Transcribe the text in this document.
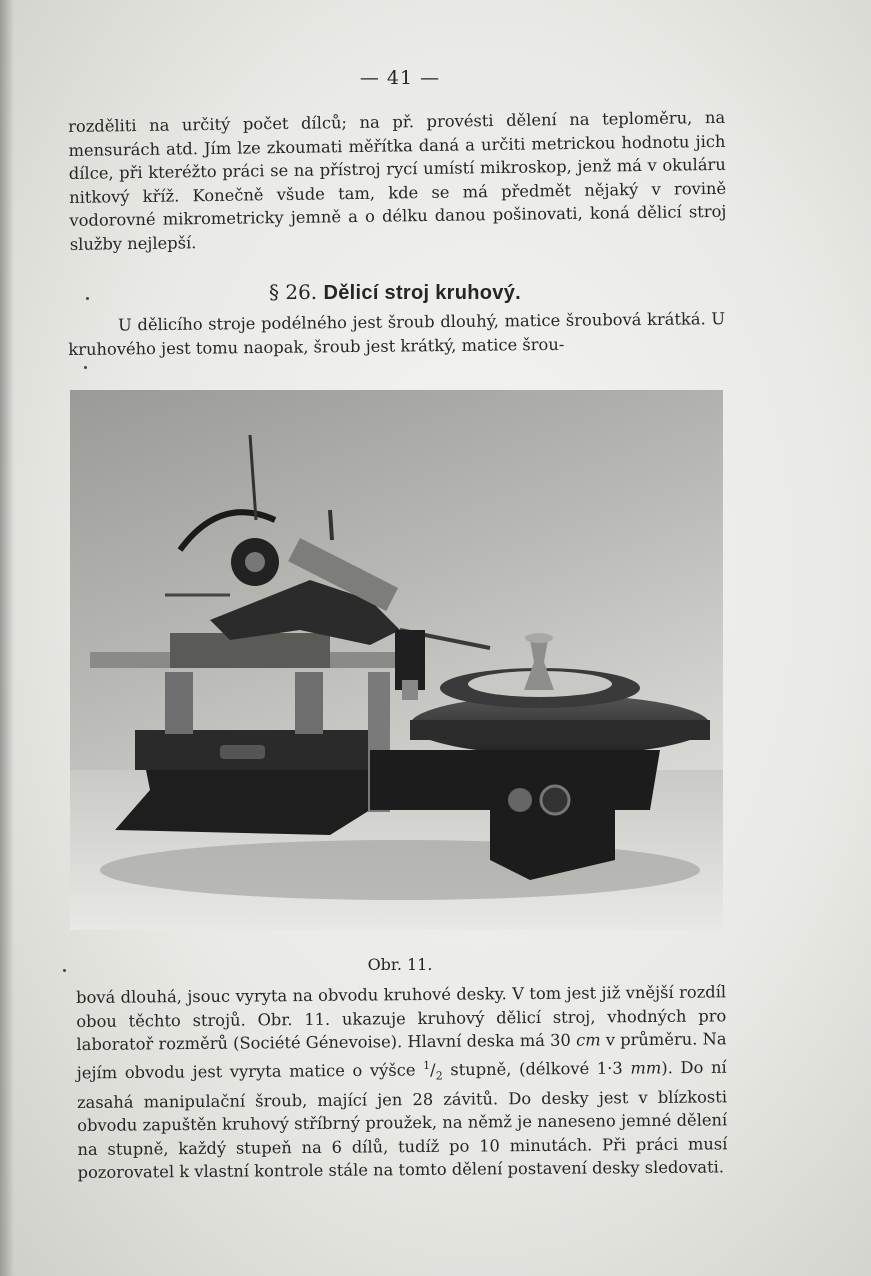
— 41 —
rozděliti na určitý počet dílců; na př. provésti dělení na teploměru, na mensurách atd. Jím lze zkoumati měřítka daná a určiti metrickou hodnotu jich dílce, při kteréžto práci se na přístroj rycí umístí mikroskop, jenž má v okuláru nitkový kříž. Konečně všude tam, kde se má předmět nějaký v rovině vodorovné mikrometricky jemně a o délku danou pošinovati, koná dělicí stroj služby nejlepší.
§ 26. Dělicí stroj kruhový.
U dělicího stroje podélného jest šroub dlouhý, matice šroubová krátká. U kruhového jest tomu naopak, šroub jest krátký, matice šrou-
Obr. 11.
bová dlouhá, jsouc vyryta na obvodu kruhové desky. V tom jest již vnější rozdíl obou těchto strojů. Obr. 11. ukazuje kruhový dělicí stroj, vhodných pro laboratoř rozměrů (Société Génevoise). Hlavní deska má 30 cm v průměru. Na jejím obvodu jest vyryta matice o výšce $^1/_2$ stupně, (délkové 1·3 mm). Do ní zasahá manipulační šroub, mající jen 28 závitů. Do desky jest v blízkosti obvodu zapuštěn kruhový stříbrný proužek, na němž je naneseno jemné dělení na stupně, každý stupeň na 6 dílů, tudíž po 10 minutách. Při práci musí pozorovatel k vlastní kontrole stále na tomto dělení postavení desky sledovati.
